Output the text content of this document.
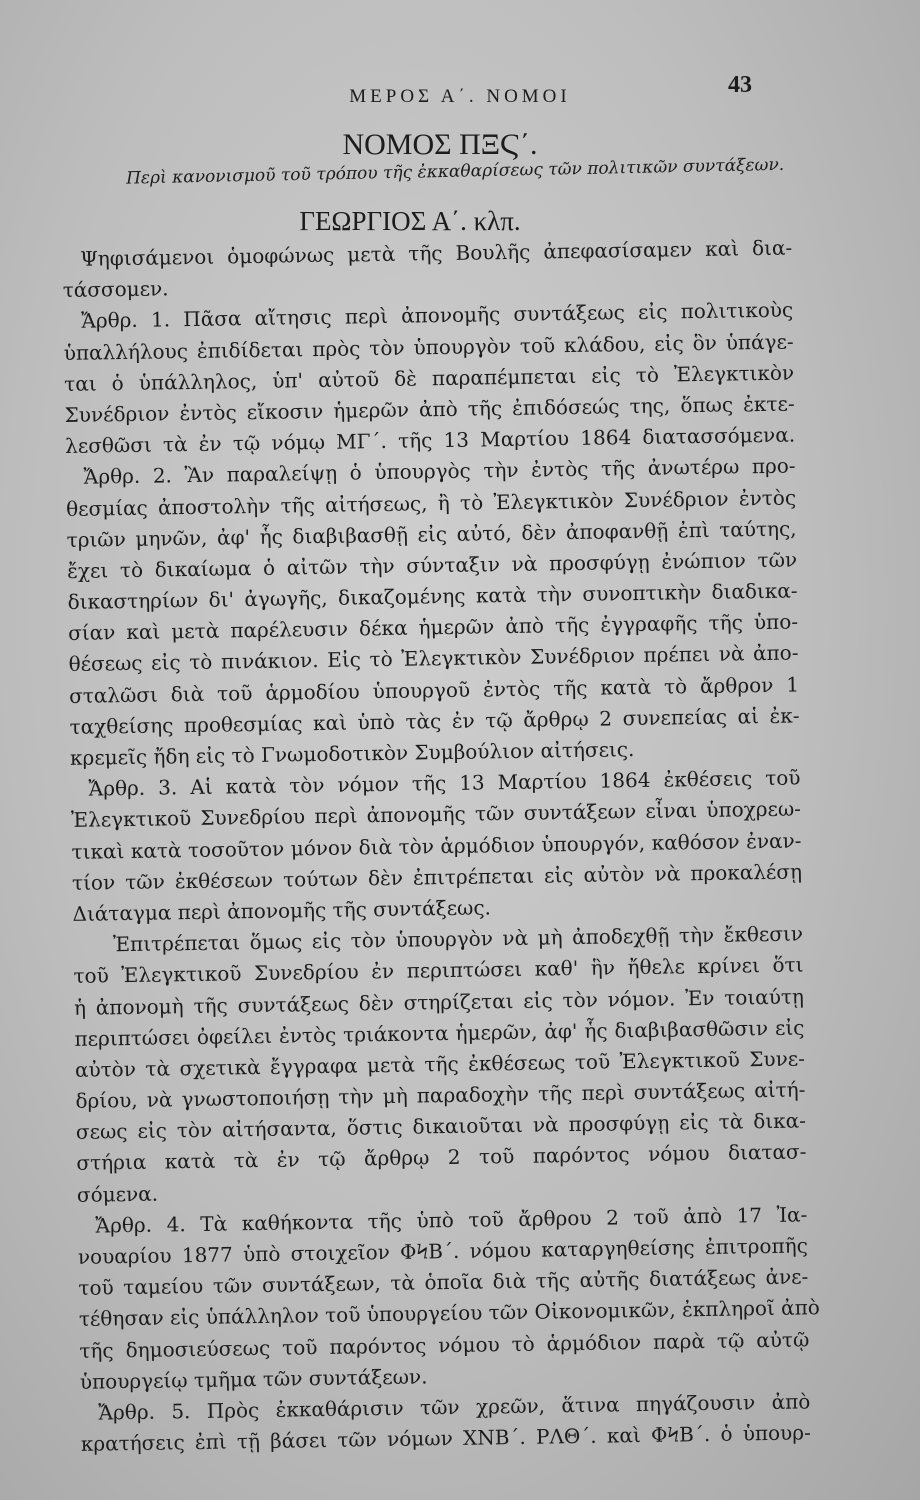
ΜΕΡΟΣ Α΄. ΝΟΜΟΙ	43
ΝΟΜΟΣ ΠΞϚ΄.
Περὶ κανονισμοῦ τοῦ τρόπου τῆς ἐκκαθαρίσεως τῶν πολιτικῶν συντάξεων.
ΓΕΩΡΓΙΟΣ Α΄. κλπ.
Ψηφισάμενοι ὁμοφώνως μετὰ τῆς Βουλῆς ἀπεφασίσαμεν καὶ δια-
τάσσομεν.
Ἄρθρ. 1. Πᾶσα αἴτησις περὶ ἀπονομῆς συντάξεως εἰς πολιτικοὺς
ὑπαλλήλους ἐπιδίδεται πρὸς τὸν ὑπουργὸν τοῦ κλάδου, εἰς ὃν ὑπάγε-
ται ὁ ὑπάλληλος, ὑπ' αὐτοῦ δὲ παραπέμπεται εἰς τὸ Ἐλεγκτικὸν
Συνέδριον ἐντὸς εἴκοσιν ἡμερῶν ἀπὸ τῆς ἐπιδόσεώς της, ὅπως ἐκτε-
λεσθῶσι τὰ ἐν τῷ νόμῳ ΜΓ΄. τῆς 13 Μαρτίου 1864 διατασσόμενα.
Ἄρθρ. 2. Ἂν παραλείψῃ ὁ ὑπουργὸς τὴν ἐντὸς τῆς ἀνωτέρω προ-
θεσμίας ἀποστολὴν τῆς αἰτήσεως, ἢ τὸ Ἐλεγκτικὸν Συνέδριον ἐντὸς
τριῶν μηνῶν, ἀφ' ἧς διαβιβασθῇ εἰς αὐτό, δὲν ἀποφανθῇ ἐπὶ ταύτης,
ἔχει τὸ δικαίωμα ὁ αἰτῶν τὴν σύνταξιν νὰ προσφύγῃ ἐνώπιον τῶν
δικαστηρίων δι' ἀγωγῆς, δικαζομένης κατὰ τὴν συνοπτικὴν διαδικα-
σίαν καὶ μετὰ παρέλευσιν δέκα ἡμερῶν ἀπὸ τῆς ἐγγραφῆς τῆς ὑπο-
θέσεως εἰς τὸ πινάκιον. Εἰς τὸ Ἐλεγκτικὸν Συνέδριον πρέπει νὰ ἀπο-
σταλῶσι διὰ τοῦ ἁρμοδίου ὑπουργοῦ ἐντὸς τῆς κατὰ τὸ ἄρθρον 1
ταχθείσης προθεσμίας καὶ ὑπὸ τὰς ἐν τῷ ἄρθρῳ 2 συνεπείας αἱ ἐκ-
κρεμεῖς ἤδη εἰς τὸ Γνωμοδοτικὸν Συμβούλιον αἰτήσεις.
Ἄρθρ. 3. Αἱ κατὰ τὸν νόμον τῆς 13 Μαρτίου 1864 ἐκθέσεις τοῦ
Ἐλεγκτικοῦ Συνεδρίου περὶ ἀπονομῆς τῶν συντάξεων εἶναι ὑποχρεω-
τικαὶ κατὰ τοσοῦτον μόνον διὰ τὸν ἁρμόδιον ὑπουργόν, καθόσον ἐναν-
τίον τῶν ἐκθέσεων τούτων δὲν ἐπιτρέπεται εἰς αὐτὸν νὰ προκαλέσῃ
Διάταγμα περὶ ἀπονομῆς τῆς συντάξεως.
Ἐπιτρέπεται ὅμως εἰς τὸν ὑπουργὸν νὰ μὴ ἀποδεχθῇ τὴν ἔκθεσιν
τοῦ Ἐλεγκτικοῦ Συνεδρίου ἐν περιπτώσει καθ' ἣν ἤθελε κρίνει ὅτι
ἡ ἀπονομὴ τῆς συντάξεως δὲν στηρίζεται εἰς τὸν νόμον. Ἐν τοιαύτῃ
περιπτώσει ὀφείλει ἐντὸς τριάκοντα ἡμερῶν, ἀφ' ἧς διαβιβασθῶσιν εἰς
αὐτὸν τὰ σχετικὰ ἔγγραφα μετὰ τῆς ἐκθέσεως τοῦ Ἐλεγκτικοῦ Συνε-
δρίου, νὰ γνωστοποιήσῃ τὴν μὴ παραδοχὴν τῆς περὶ συντάξεως αἰτή-
σεως εἰς τὸν αἰτήσαντα, ὅστις δικαιοῦται νὰ προσφύγῃ εἰς τὰ δικα-
στήρια κατὰ τὰ ἐν τῷ ἄρθρῳ 2 τοῦ παρόντος νόμου διατασ-
σόμενα.
Ἄρθρ. 4. Τὰ καθήκοντα τῆς ὑπὸ τοῦ ἄρθρου 2 τοῦ ἀπὸ 17 Ἰα-
νουαρίου 1877 ὑπὸ στοιχεῖον ΦϞΒ΄. νόμου καταργηθείσης ἐπιτροπῆς
τοῦ ταμείου τῶν συντάξεων, τὰ ὁποῖα διὰ τῆς αὐτῆς διατάξεως ἀνε-
τέθησαν εἰς ὑπάλληλον τοῦ ὑπουργείου τῶν Οἰκονομικῶν, ἐκπληροῖ ἀπὸ
τῆς δημοσιεύσεως τοῦ παρόντος νόμου τὸ ἁρμόδιον παρὰ τῷ αὐτῷ
ὑπουργείῳ τμῆμα τῶν συντάξεων.
Ἄρθρ. 5. Πρὸς ἐκκαθάρισιν τῶν χρεῶν, ἅτινα πηγάζουσιν ἀπὸ
κρατήσεις ἐπὶ τῇ βάσει τῶν νόμων ΧΝΒ΄. ΡΛΘ΄. καὶ ΦϞΒ΄. ὁ ὑπουρ-
